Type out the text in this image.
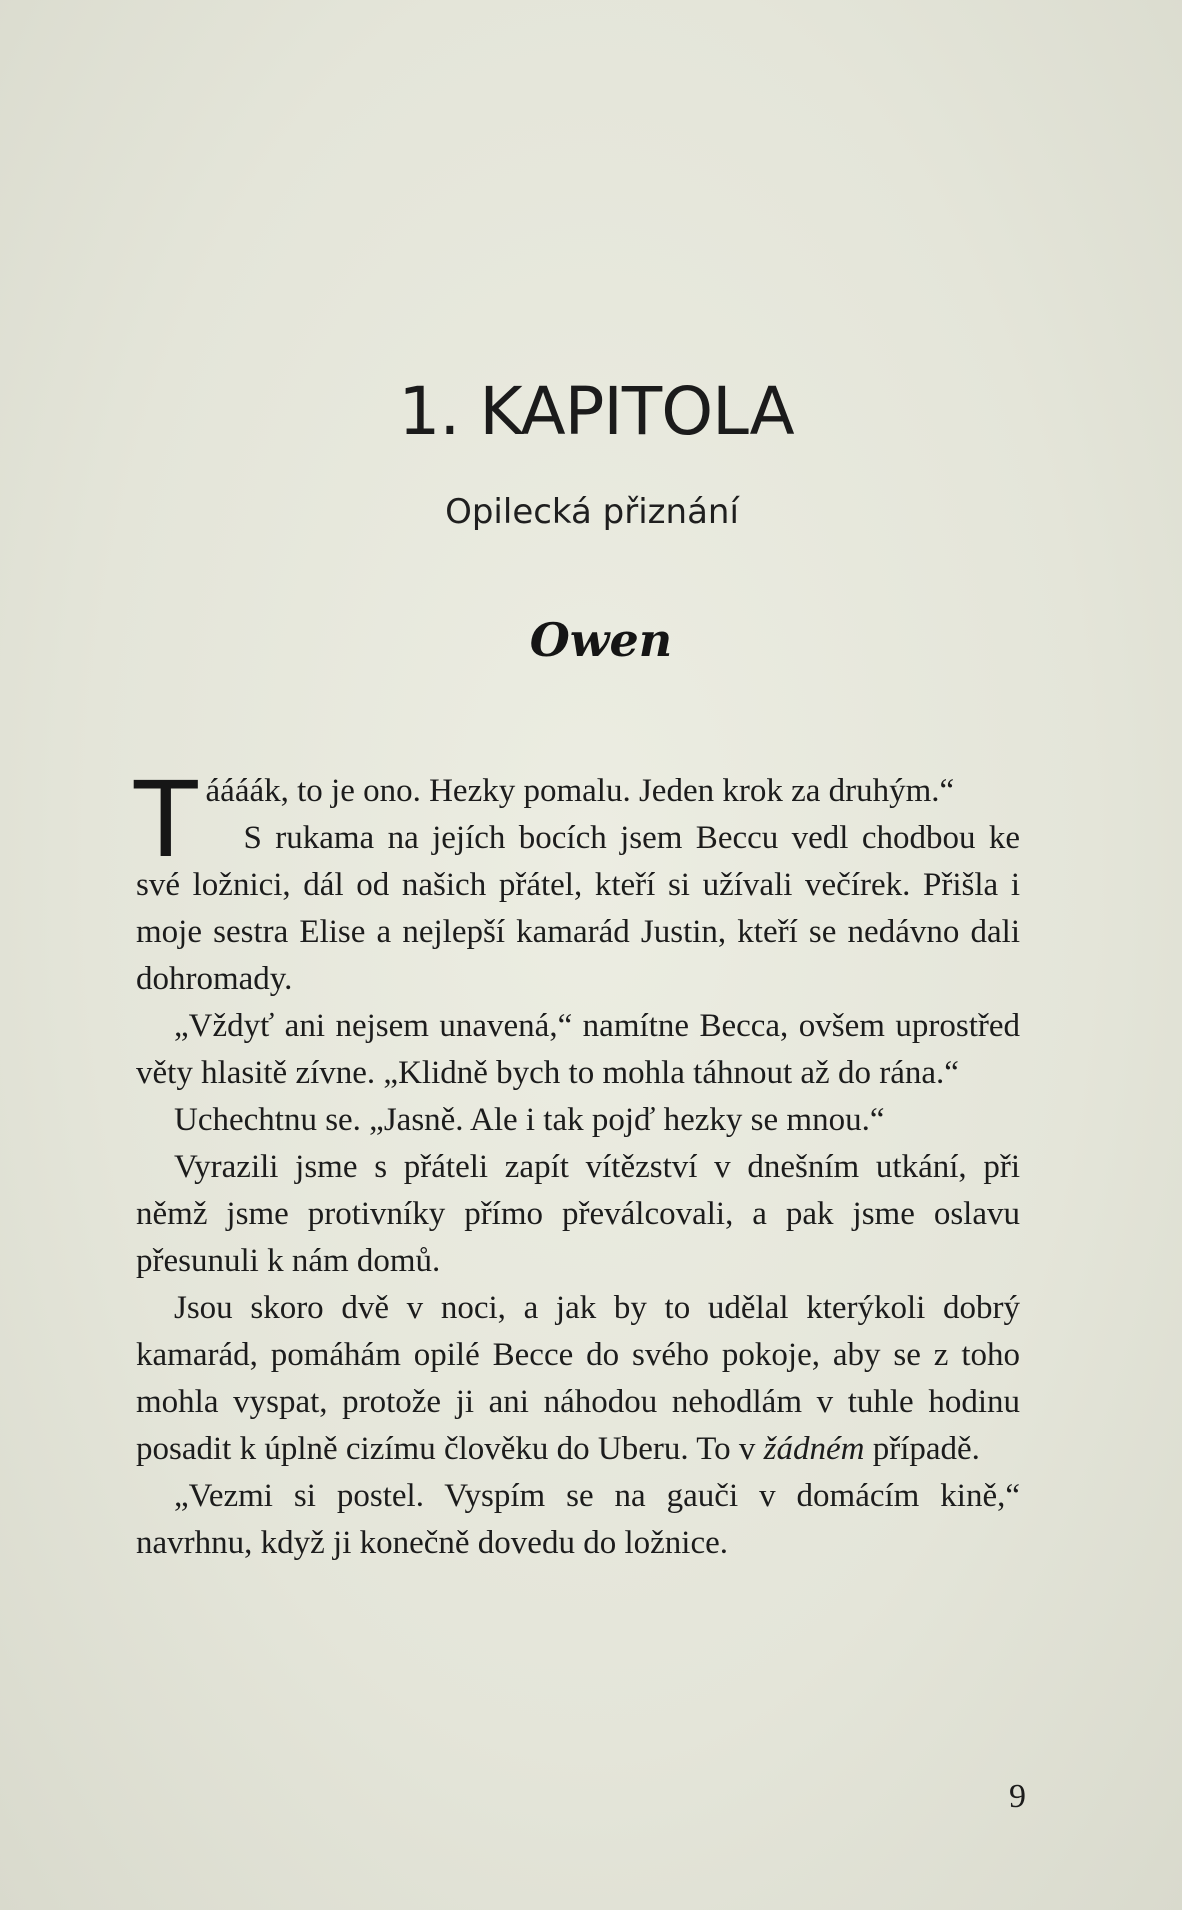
1. KAPITOLA
Opilecká přiznání
Owen

Táááák, to je ono. Hezky pomalu. Jeden krok za druhým.“

S rukama na jejích bocích jsem Beccu vedl chodbou ke své ložnici, dál od našich přátel, kteří si užívali večírek. Přišla i moje sestra Elise a nejlepší kamarád Justin, kteří se nedávno dali dohromady.

„Vždyť ani nejsem unavená,“ namítne Becca, ovšem uprostřed věty hlasitě zívne. „Klidně bych to mohla táhnout až do rána.“

Uchechtnu se. „Jasně. Ale i tak pojď hezky se mnou.“

Vyrazili jsme s přáteli zapít vítězství v dnešním utkání, při němž jsme protivníky přímo převálcovali, a pak jsme oslavu přesunuli k nám domů.

Jsou skoro dvě v noci, a jak by to udělal kterýkoli dobrý kamarád, pomáhám opilé Becce do svého pokoje, aby se z toho mohla vyspat, protože ji ani náhodou nehodlám v tuhle hodinu posadit k úplně cizímu člověku do Uberu. To v žádném případě.

„Vezmi si postel. Vyspím se na gauči v domácím kině,“ navrhnu, když ji konečně dovedu do ložnice.

9
